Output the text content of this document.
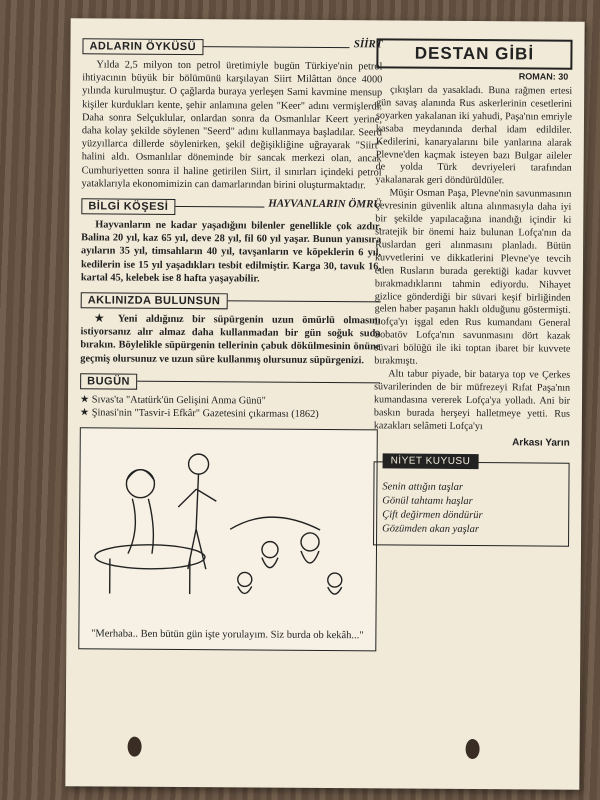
ADLARIN ÖYKÜSÜ	SİİRT

Yılda 2,5 milyon ton petrol üretimiyle bugün Türkiye'nin petrol ihtiyacının büyük bir bölümünü karşılayan Siirt Milâttan önce 4000 yılında kurulmuştur. O çağlarda buraya yerleşen Sami kavmine mensup kişiler kurdukları kente, şehir anlamına gelen "Keer" adını vermişlerdi. Daha sonra Selçuklular, onlardan sonra da Osmanlılar Keert yerine, daha kolay şekilde söylenen "Seerd" adını kullanmaya başladılar. Seerd yüzyıllarca dillerde söylenirken, şekil değişikliğine uğrayarak "Siirt" halini aldı. Osmanlılar döneminde bir sancak merkezi olan, ancak Cumhuriyetten sonra il haline getirilen Siirt, il sınırları içindeki petrol yataklarıyla ekonomimizin can damarlarından birini oluşturmaktadır.

BİLGİ KÖŞESİ	HAYVANLARIN ÖMRÜ

Hayvanların ne kadar yaşadığını bilenler genellikle çok azdır. Balina 20 yıl, kaz 65 yıl, deve 28 yıl, fil 60 yıl yaşar. Bunun yanısıra ayıların 35 yıl, timsahların 40 yıl, tavşanların ve köpeklerin 6 yıl, kedilerin ise 15 yıl yaşadıkları tesbit edilmiştir. Karga 30, tavuk 16, kartal 45, kelebek ise 8 hafta yaşayabilir.

AKLINIZDA BULUNSUN

★ Yeni aldığınız bir süpürgenin uzun ömürlü olmasını istiyorsanız alır almaz daha kullanmadan bir gün soğuk suda bırakın. Böylelikle süpürgenin tellerinin çabuk dökülmesinin önüne geçmiş olursunuz ve uzun süre kullanmış olursunuz süpürgenizi.

BUGÜN
★ Sıvas'ta "Atatürk'ün Gelişini Anma Günü"
★ Şinasi'nin "Tasvir-i Efkâr" Gazetesini çıkarması (1862)
"Merhaba.. Ben bütün gün işte yorulayım. Siz burda ob kekâh..."
DESTAN GİBİ
ROMAN: 30

çıkışları da yasakladı. Buna rağmen ertesi gün savaş alanında Rus askerlerinin cesetlerini soyarken yakalanan iki yahudi, Paşa'nın emriyle kasaba meydanında derhal idam edildiler. Kedilerini, kanaryalarını bile yanlarına alarak Plevne'den kaçmak isteyen bazı Bulgar aileler de yolda Türk devriyeleri tarafından yakalanarak geri döndürüldüler.

Müşir Osman Paşa, Plevne'nin savunmasının çevresinin güvenlik altına alınmasıyla daha iyi bir şekilde yapılacağına inandığı içindir ki stratejik bir önemi haiz bulunan Lofça'nın da Ruslardan geri alınmasını planladı. Bütün kuvvetlerini ve dikkatlerini Plevne'ye tevcih eden Rusların burada gerektiği kadar kuvvet bırakmadıklarını tahmin ediyordu. Nihayet gizlice gönderdiği bir süvari keşif birliğinden gelen haber paşanın haklı olduğunu göstermişti. Lofça'yı işgal eden Rus kumandanı General Sobatöv Lofça'nın savunmasını dört kazak süvari bölüğü ile iki toptan ibaret bir kuvvete bırakmıştı.

Altı tabur piyade, bir batarya top ve Çerkes süvarilerinden de bir müfrezeyi Rıfat Paşa'nın kumandasına vererek Lofça'ya yolladı. Ani bir baskın burada herşeyi halletmeye yetti. Rus kazakları selâmeti Lofça'yı

Arkası Yarın
NİYET KUYUSU
Senin attığın taşlar
Gönül tahtamı haşlar
Çift değirmen döndürür
Gözümden akan yaşlar
